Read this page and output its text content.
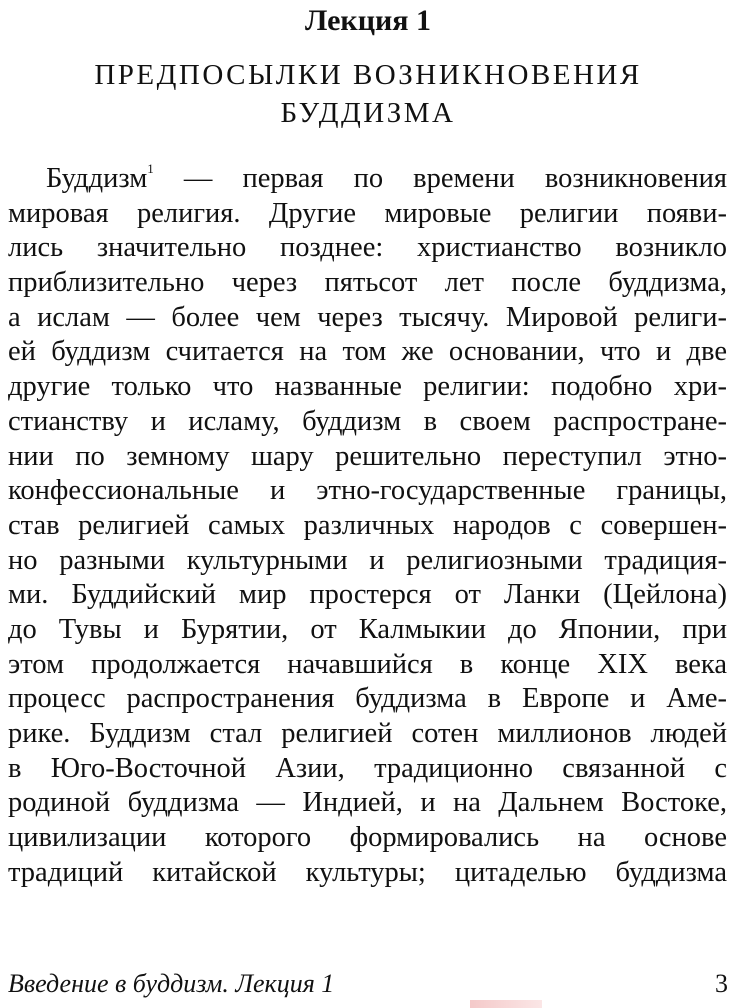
Лекция 1
ПРЕДПОСЫЛКИ ВОЗНИКНОВЕНИЯ
БУДДИЗМА
Буддизм$^1$ — первая по времени возникновения
мировая религия. Другие мировые религии появи-
лись значительно позднее: христианство возникло
приблизительно через пятьсот лет после буддизма,
а ислам — более чем через тысячу. Мировой религи-
ей буддизм считается на том же основании, что и две
другие только что названные религии: подобно хри-
стианству и исламу, буддизм в своем распростране-
нии по земному шару решительно переступил этно-
конфессиональные и этно-государственные границы,
став религией самых различных народов с совершен-
но разными культурными и религиозными традиция-
ми. Буддийский мир простерся от Ланки (Цейлона)
до Тувы и Бурятии, от Калмыкии до Японии, при
этом продолжается начавшийся в конце XIX века
процесс распространения буддизма в Европе и Аме-
рике. Буддизм стал религией сотен миллионов людей
в Юго-Восточной Азии, традиционно связанной с
родиной буддизма — Индией, и на Дальнем Востоке,
цивилизации которого формировались на основе
традиций китайской культуры; цитаделью буддизма
Введение в буддизм. Лекция 1	3
